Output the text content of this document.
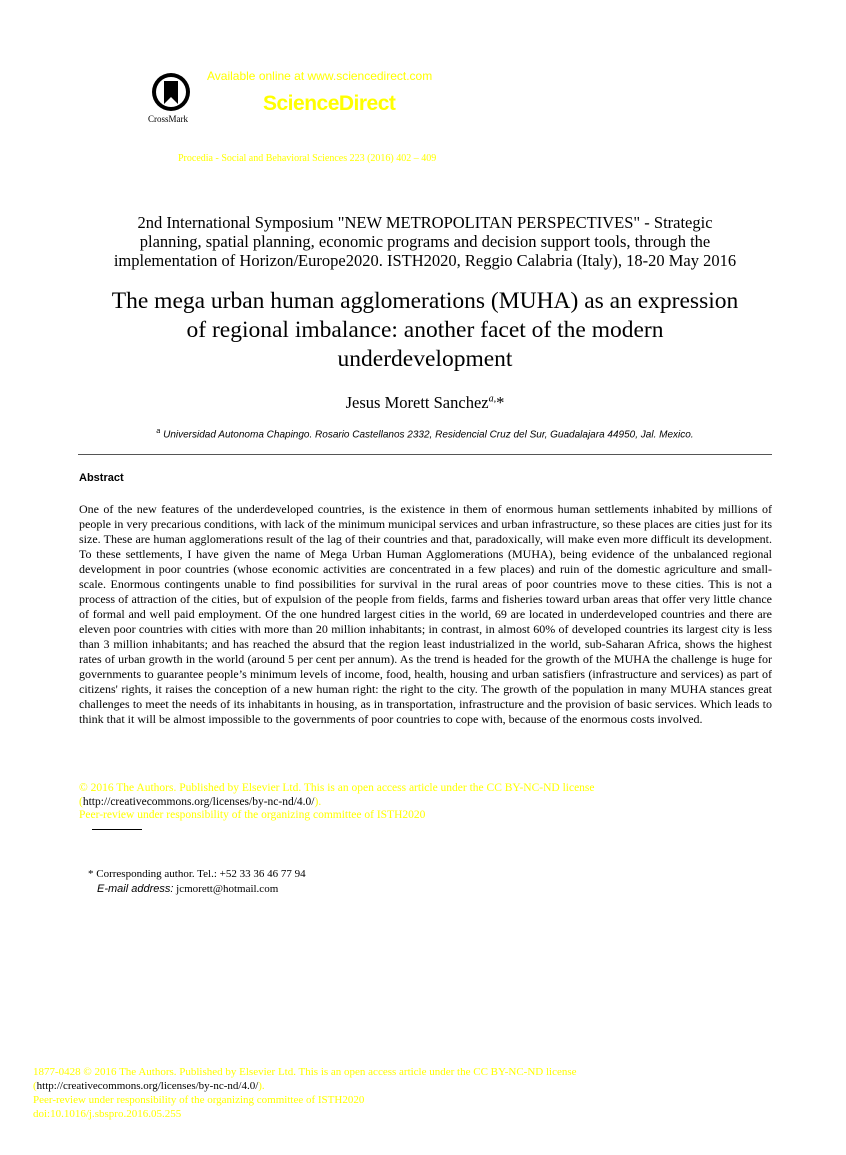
CrossMark
Available online at www.sciencedirect.com
ScienceDirect
Procedia - Social and Behavioral Sciences 223 (2016) 402 – 409
2nd International Symposium "NEW METROPOLITAN PERSPECTIVES" - Strategic
planning, spatial planning, economic programs and decision support tools, through the
implementation of Horizon/Europe2020. ISTH2020, Reggio Calabria (Italy), 18-20 May 2016
The mega urban human agglomerations (MUHA) as an expression
of regional imbalance: another facet of the modern
underdevelopment
Jesus Morett Sanchez$^{a,}$*
$^a$ Universidad Autonoma Chapingo. Rosario Castellanos 2332, Residencial Cruz del Sur, Guadalajara 44950, Jal. Mexico.
Abstract
One of the new features of the underdeveloped countries, is the existence in them of enormous human settlements inhabited by millions of people in very precarious conditions, with lack of the minimum municipal services and urban infrastructure, so these places are cities just for its size. These are human agglomerations result of the lag of their countries and that, paradoxically, will make even more difficult its development. To these settlements, I have given the name of Mega Urban Human Agglomerations (MUHA), being evidence of the unbalanced regional development in poor countries (whose economic activities are concentrated in a few places) and ruin of the domestic agriculture and small-scale. Enormous contingents unable to find possibilities for survival in the rural areas of poor countries move to these cities. This is not a process of attraction of the cities, but of expulsion of the people from fields, farms and fisheries toward urban areas that offer very little chance of formal and well paid employment. Of the one hundred largest cities in the world, 69 are located in underdeveloped countries and there are eleven poor countries with cities with more than 20 million inhabitants; in contrast, in almost 60% of developed countries its largest city is less than 3 million inhabitants; and has reached the absurd that the region least industrialized in the world, sub-Saharan Africa, shows the highest rates of urban growth in the world (around 5 per cent per annum). As the trend is headed for the growth of the MUHA the challenge is huge for governments to guarantee people’s minimum levels of income, food, health, housing and urban satisfiers (infrastructure and services) as part of citizens' rights, it raises the conception of a new human right: the right to the city. The growth of the population in many MUHA stances great challenges to meet the needs of its inhabitants in housing, as in transportation, infrastructure and the provision of basic services. Which leads to think that it will be almost impossible to the governments of poor countries to cope with, because of the enormous costs involved.
© 2016 The Authors. Published by Elsevier Ltd. This is an open access article under the CC BY-NC-ND license
(http://creativecommons.org/licenses/by-nc-nd/4.0/).
Peer-review under responsibility of the organizing committee of ISTH2020
* Corresponding author. Tel.: +52 33 36 46 77 94
E-mail address: jcmorett@hotmail.com
1877-0428 © 2016 The Authors. Published by Elsevier Ltd. This is an open access article under the CC BY-NC-ND license
(http://creativecommons.org/licenses/by-nc-nd/4.0/).
Peer-review under responsibility of the organizing committee of ISTH2020
doi:10.1016/j.sbspro.2016.05.255
